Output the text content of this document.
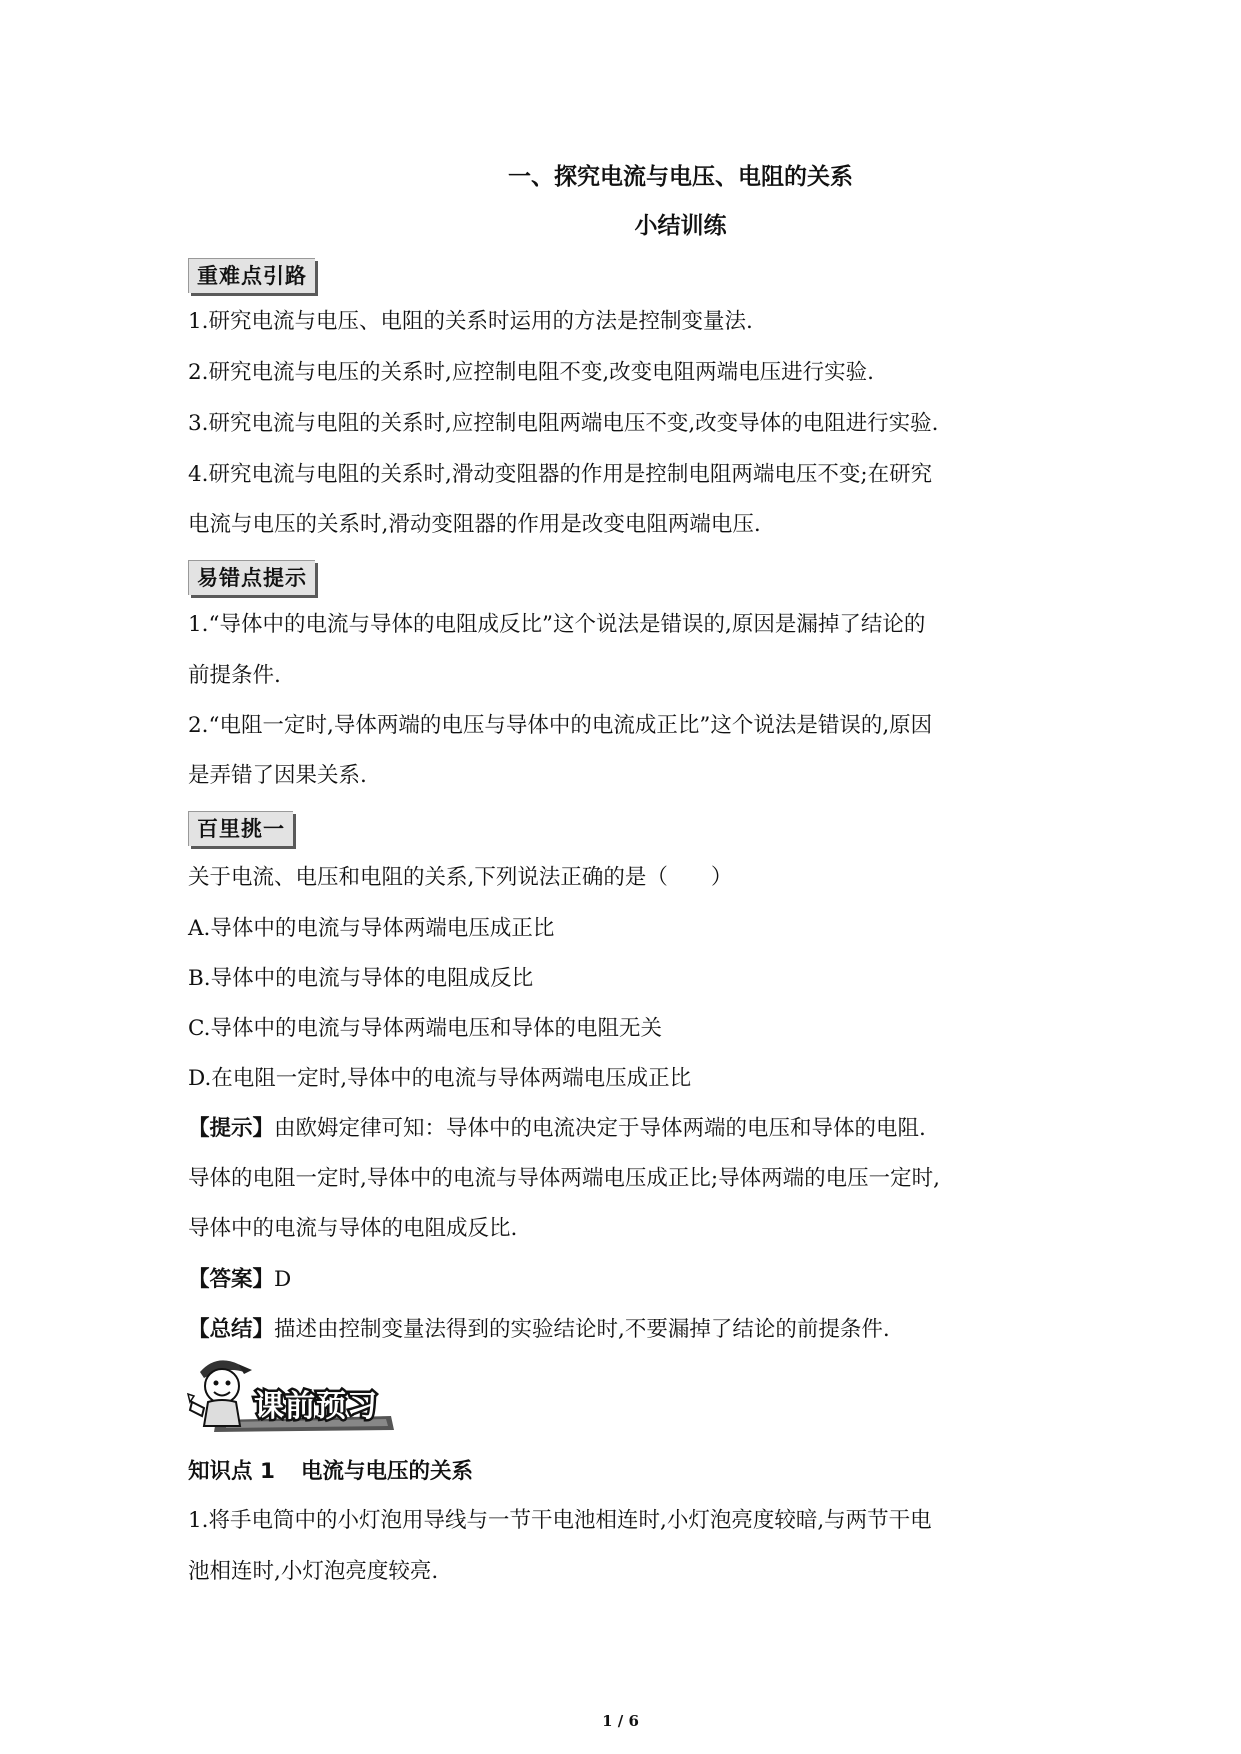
一、探究电流与电压、电阻的关系
小结训练
重难点引路
1.研究电流与电压、电阻的关系时运用的方法是控制变量法.
2.研究电流与电压的关系时,应控制电阻不变,改变电阻两端电压进行实验.
3.研究电流与电阻的关系时,应控制电阻两端电压不变,改变导体的电阻进行实验.
4.研究电流与电阻的关系时,滑动变阻器的作用是控制电阻两端电压不变;在研究
电流与电压的关系时,滑动变阻器的作用是改变电阻两端电压.
易错点提示
1.“导体中的电流与导体的电阻成反比”这个说法是错误的,原因是漏掉了结论的
前提条件.
2.“电阻一定时,导体两端的电压与导体中的电流成正比”这个说法是错误的,原因
是弄错了因果关系.
百里挑一
关于电流、电压和电阻的关系,下列说法正确的是（　　）
A.导体中的电流与导体两端电压成正比
B.导体中的电流与导体的电阻成反比
C.导体中的电流与导体两端电压和导体的电阻无关
D.在电阻一定时,导体中的电流与导体两端电压成正比
【提示】由欧姆定律可知：导体中的电流决定于导体两端的电压和导体的电阻.
导体的电阻一定时,导体中的电流与导体两端电压成正比;导体两端的电压一定时,
导体中的电流与导体的电阻成反比.
【答案】D
【总结】描述由控制变量法得到的实验结论时,不要漏掉了结论的前提条件.
课前预习
知识点 1 电流与电压的关系
1.将手电筒中的小灯泡用导线与一节干电池相连时,小灯泡亮度较暗,与两节干电
池相连时,小灯泡亮度较亮.
1 / 6
